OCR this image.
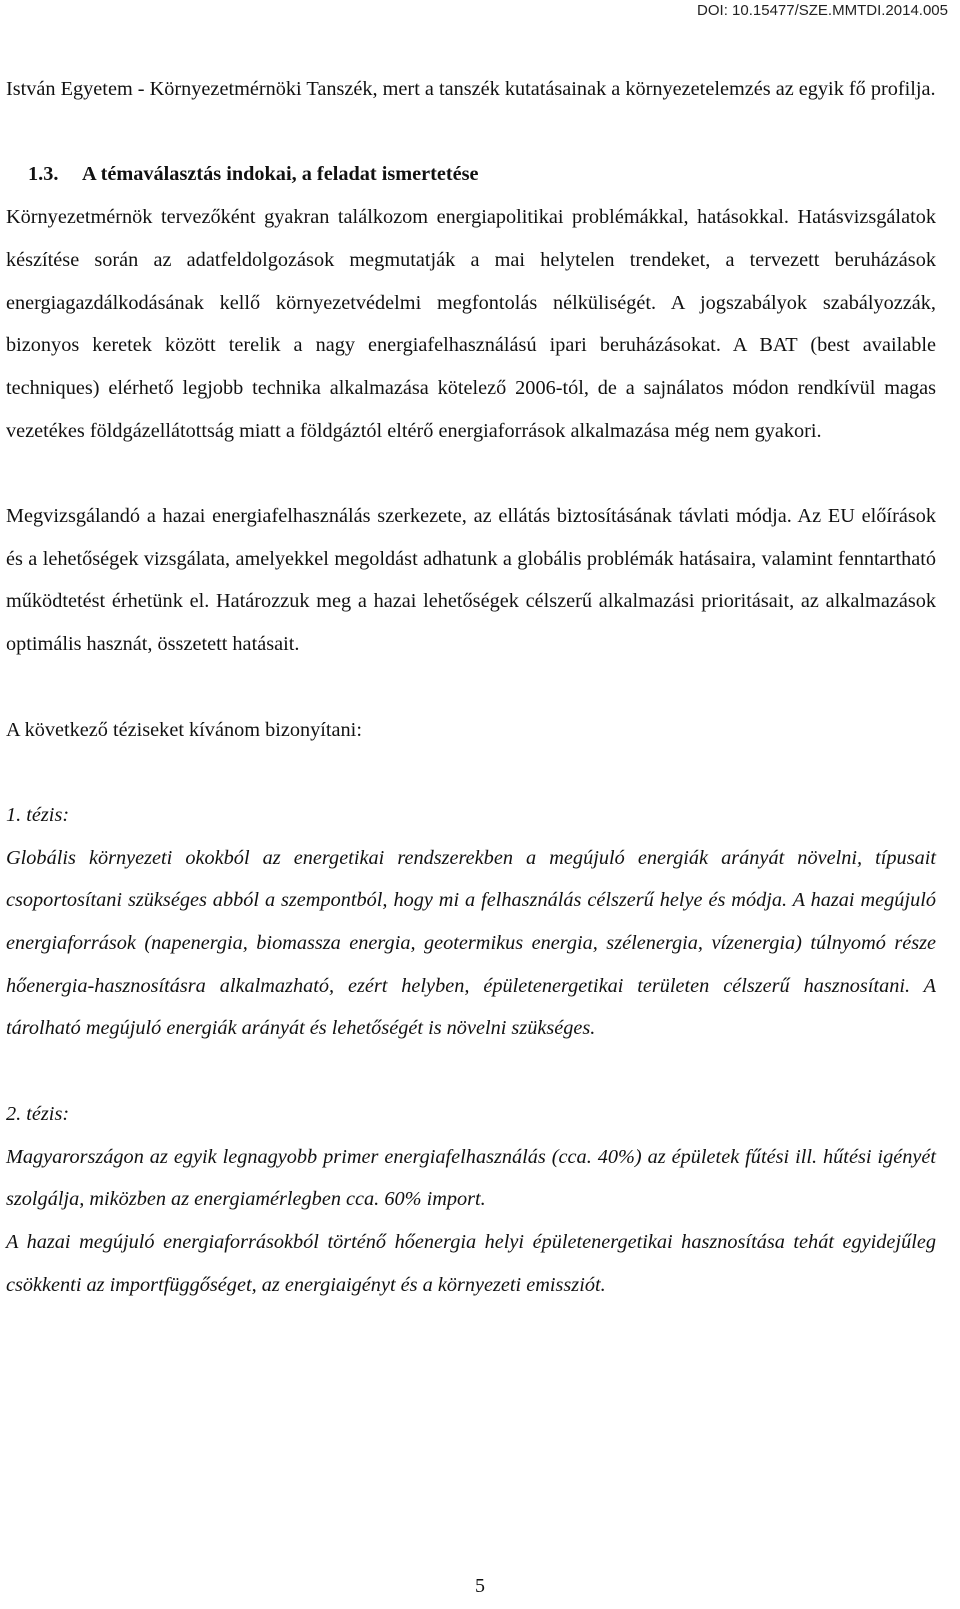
DOI: 10.15477/SZE.MMTDI.2014.005

István Egyetem - Környezetmérnöki Tanszék, mert a tanszék kutatásainak a környezetelemzés az egyik fő profilja.

1.3. A témaválasztás indokai, a feladat ismertetése

Környezetmérnök tervezőként gyakran találkozom energiapolitikai problémákkal, hatásokkal. Hatásvizsgálatok készítése során az adatfeldolgozások megmutatják a mai helytelen trendeket, a tervezett beruházások energiagazdálkodásának kellő környezetvédelmi megfontolás nélküliségét. A jogszabályok szabályozzák, bizonyos keretek között terelik a nagy energiafelhasználású ipari beruházásokat. A BAT (best available techniques) elérhető legjobb technika alkalmazása kötelező 2006-tól, de a sajnálatos módon rendkívül magas vezetékes földgázellátottság miatt a földgáztól eltérő energiaforrások alkalmazása még nem gyakori.

Megvizsgálandó a hazai energiafelhasználás szerkezete, az ellátás biztosításának távlati módja. Az EU előírások és a lehetőségek vizsgálata, amelyekkel megoldást adhatunk a globális problémák hatásaira, valamint fenntartható működtetést érhetünk el. Határozzuk meg a hazai lehetőségek célszerű alkalmazási prioritásait, az alkalmazások optimális hasznát, összetett hatásait.

A következő téziseket kívánom bizonyítani:

1. tézis:

Globális környezeti okokból az energetikai rendszerekben a megújuló energiák arányát növelni, típusait csoportosítani szükséges abból a szempontból, hogy mi a felhasználás célszerű helye és módja. A hazai megújuló energiaforrások (napenergia, biomassza energia, geotermikus energia, szélenergia, vízenergia) túlnyomó része hőenergia-hasznosításra alkalmazható, ezért helyben, épületenergetikai területen célszerű hasznosítani. A tárolható megújuló energiák arányát és lehetőségét is növelni szükséges.

2. tézis:

Magyarországon az egyik legnagyobb primer energiafelhasználás (cca. 40%) az épületek fűtési ill. hűtési igényét szolgálja, miközben az energiamérlegben cca. 60% import.

A hazai megújuló energiaforrásokból történő hőenergia helyi épületenergetikai hasznosítása tehát egyidejűleg csökkenti az importfüggőséget, az energiaigényt és a környezeti emissziót.

5
